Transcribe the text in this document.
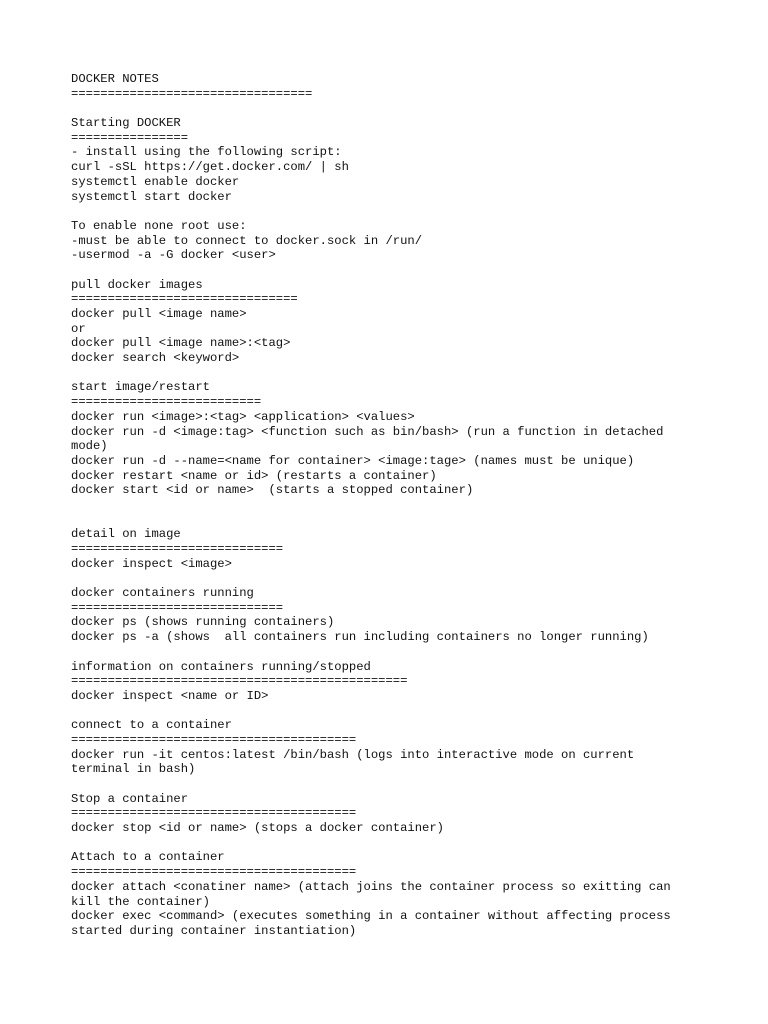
DOCKER NOTES
=================================
Starting DOCKER
================
- install using the following script:
curl -sSL https://get.docker.com/ | sh
systemctl enable docker
systemctl start docker
To enable none root use:
-must be able to connect to docker.sock in /run/
-usermod -a -G docker <user>
pull docker images
===============================
docker pull <image name>
or
docker pull <image name>:<tag>
docker search <keyword>
start image/restart
==========================
docker run <image>:<tag> <application> <values>
docker run -d <image:tag> <function such as bin/bash> (run a function in detached
mode)
docker run -d --name=<name for container> <image:tage> (names must be unique)
docker restart <name or id> (restarts a container)
docker start <id or name>  (starts a stopped container)
detail on image
=============================
docker inspect <image>
docker containers running
=============================
docker ps (shows running containers)
docker ps -a (shows  all containers run including containers no longer running)
information on containers running/stopped
==============================================
docker inspect <name or ID>
connect to a container
=======================================
docker run -it centos:latest /bin/bash (logs into interactive mode on current
terminal in bash)
Stop a container
=======================================
docker stop <id or name> (stops a docker container)
Attach to a container
=======================================
docker attach <conatiner name> (attach joins the container process so exitting can
kill the container)
docker exec <command> (executes something in a container without affecting process
started during container instantiation)
